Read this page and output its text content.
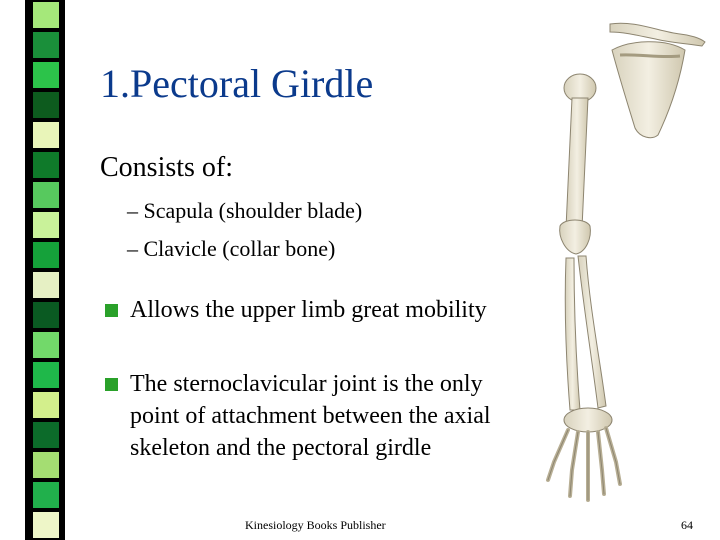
1.Pectoral Girdle
Consists of:
– Scapula (shoulder blade)
– Clavicle (collar bone)
Allows the upper limb great mobility
The sternoclavicular joint is the only point of attachment between the axial skeleton and the pectoral girdle
Kinesiology Books Publisher	64
